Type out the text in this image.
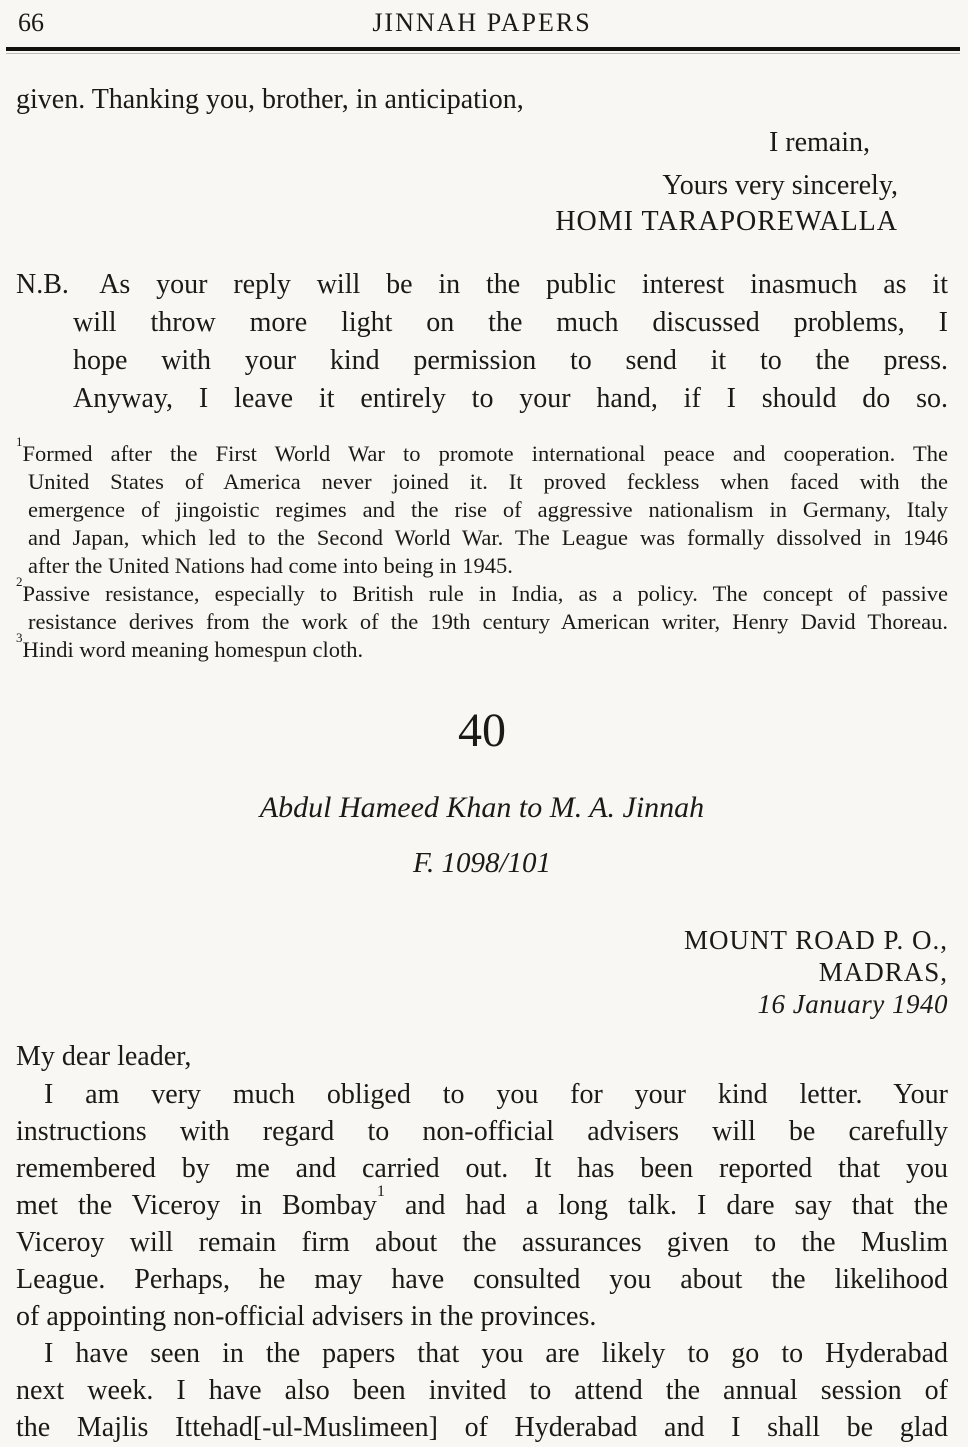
66	JINNAH PAPERS
given. Thanking you, brother, in anticipation,
I remain,
Yours very sincerely,
HOMI TARAPOREWALLA
N.B. As your reply will be in the public interest inasmuch as it
will throw more light on the much discussed problems, I
hope with your kind permission to send it to the press.
Anyway, I leave it entirely to your hand, if I should do so.
$^1$Formed after the First World War to promote international peace and cooperation. The
United States of America never joined it. It proved feckless when faced with the
emergence of jingoistic regimes and the rise of aggressive nationalism in Germany, Italy
and Japan, which led to the Second World War. The League was formally dissolved in 1946
after the United Nations had come into being in 1945.
$^2$Passive resistance, especially to British rule in India, as a policy. The concept of passive
resistance derives from the work of the 19th century American writer, Henry David Thoreau.
$^3$Hindi word meaning homespun cloth.
40
Abdul Hameed Khan to M. A. Jinnah
F. 1098/101
MOUNT ROAD P. O.,
MADRAS,
16 January 1940
My dear leader,
I am very much obliged to you for your kind letter. Your
instructions with regard to non-official advisers will be carefully
remembered by me and carried out. It has been reported that you
met the Viceroy in Bombay$^1$ and had a long talk. I dare say that the
Viceroy will remain firm about the assurances given to the Muslim
League. Perhaps, he may have consulted you about the likelihood
of appointing non-official advisers in the provinces.
I have seen in the papers that you are likely to go to Hyderabad
next week. I have also been invited to attend the annual session of
the Majlis Ittehad[-ul-Muslimeen] of Hyderabad and I shall be glad
